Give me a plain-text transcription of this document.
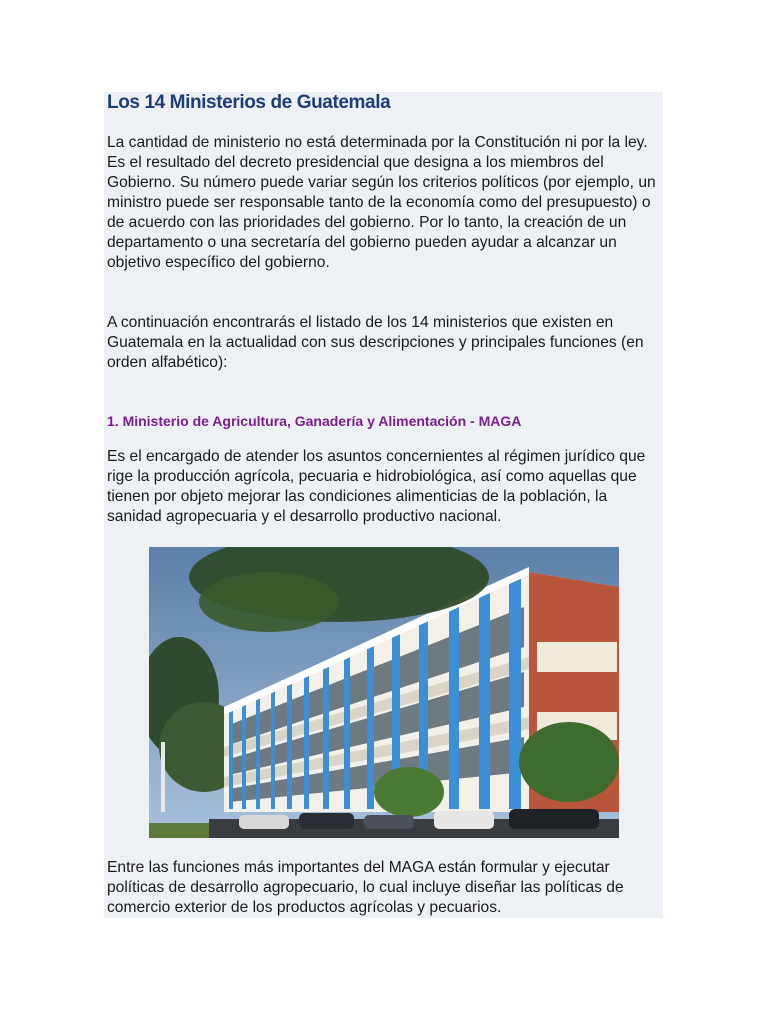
Los 14 Ministerios de Guatemala

La cantidad de ministerio no está determinada por la Constitución ni por la ley. Es el resultado del decreto presidencial que designa a los miembros del Gobierno. Su número puede variar según los criterios políticos (por ejemplo, un ministro puede ser responsable tanto de la economía como del presupuesto) o de acuerdo con las prioridades del gobierno. Por lo tanto, la creación de un departamento o una secretaría del gobierno pueden ayudar a alcanzar un objetivo específico del gobierno.

A continuación encontrarás el listado de los 14 ministerios que existen en Guatemala en la actualidad con sus descripciones y principales funciones (en orden alfabético):

1. Ministerio de Agricultura, Ganadería y Alimentación - MAGA

Es el encargado de atender los asuntos concernientes al régimen jurídico que rige la producción agrícola, pecuaria e hidrobiológica, así como aquellas que tienen por objeto mejorar las condiciones alimenticias de la población, la sanidad agropecuaria y el desarrollo productivo nacional.

Entre las funciones más importantes del MAGA están formular y ejecutar políticas de desarrollo agropecuario, lo cual incluye diseñar las políticas de comercio exterior de los productos agrícolas y pecuarios.
